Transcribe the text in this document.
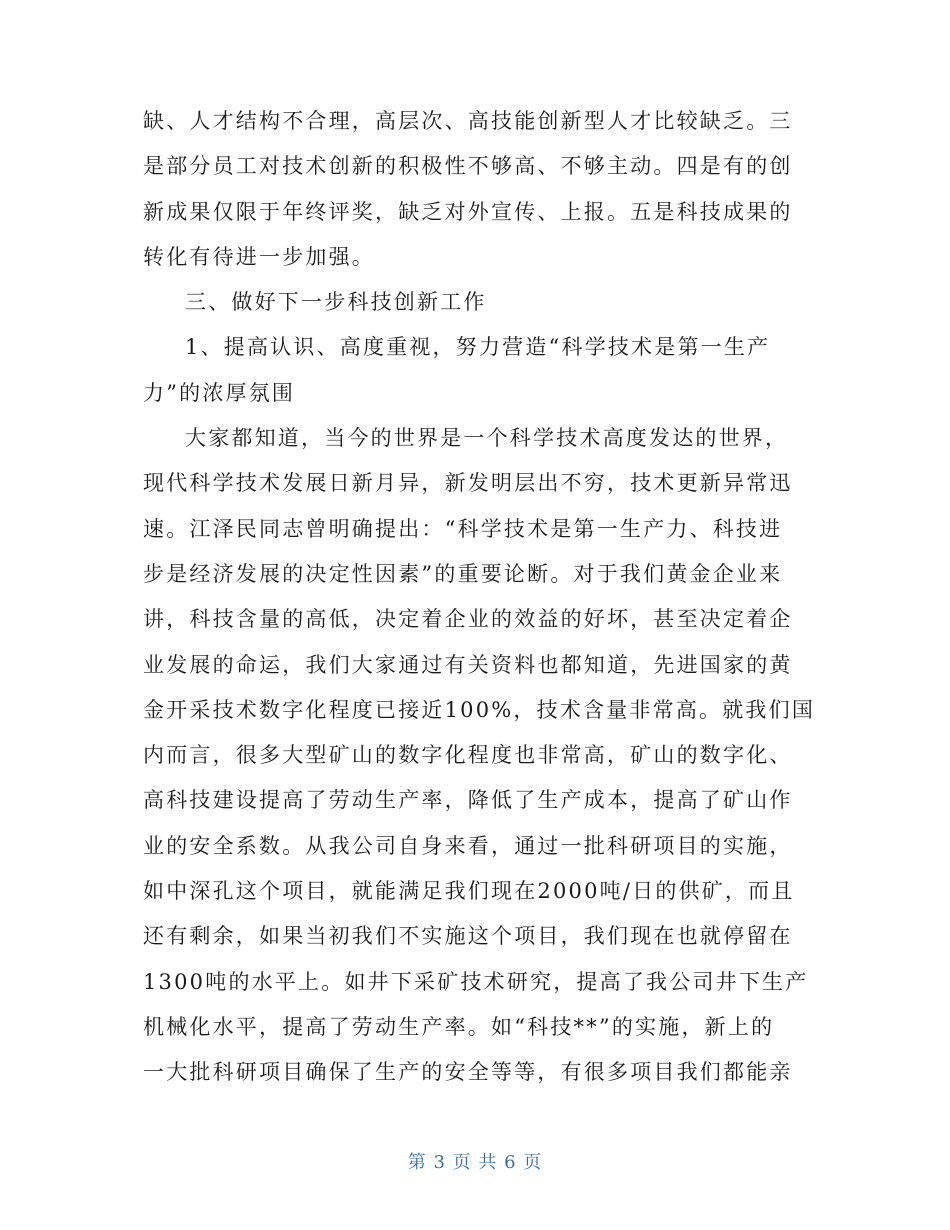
缺、人才结构不合理，高层次、高技能创新型人才比较缺乏。三
是部分员工对技术创新的积极性不够高、不够主动。四是有的创
新成果仅限于年终评奖，缺乏对外宣传、上报。五是科技成果的
转化有待进一步加强。
三、做好下一步科技创新工作
1、提高认识、高度重视，努力营造“科学技术是第一生产
力”的浓厚氛围
大家都知道，当今的世界是一个科学技术高度发达的世界，
现代科学技术发展日新月异，新发明层出不穷，技术更新异常迅
速。江泽民同志曾明确提出：“科学技术是第一生产力、科技进
步是经济发展的决定性因素”的重要论断。对于我们黄金企业来
讲，科技含量的高低，决定着企业的效益的好坏，甚至决定着企
业发展的命运，我们大家通过有关资料也都知道，先进国家的黄
金开采技术数字化程度已接近100%，技术含量非常高。就我们国
内而言，很多大型矿山的数字化程度也非常高，矿山的数字化、
高科技建设提高了劳动生产率，降低了生产成本，提高了矿山作
业的安全系数。从我公司自身来看，通过一批科研项目的实施，
如中深孔这个项目，就能满足我们现在2000吨/日的供矿，而且
还有剩余，如果当初我们不实施这个项目，我们现在也就停留在
1300吨的水平上。如井下采矿技术研究，提高了我公司井下生产
机械化水平，提高了劳动生产率。如“科技**”的实施，新上的
一大批科研项目确保了生产的安全等等，有很多项目我们都能亲
第 3 页 共 6 页
